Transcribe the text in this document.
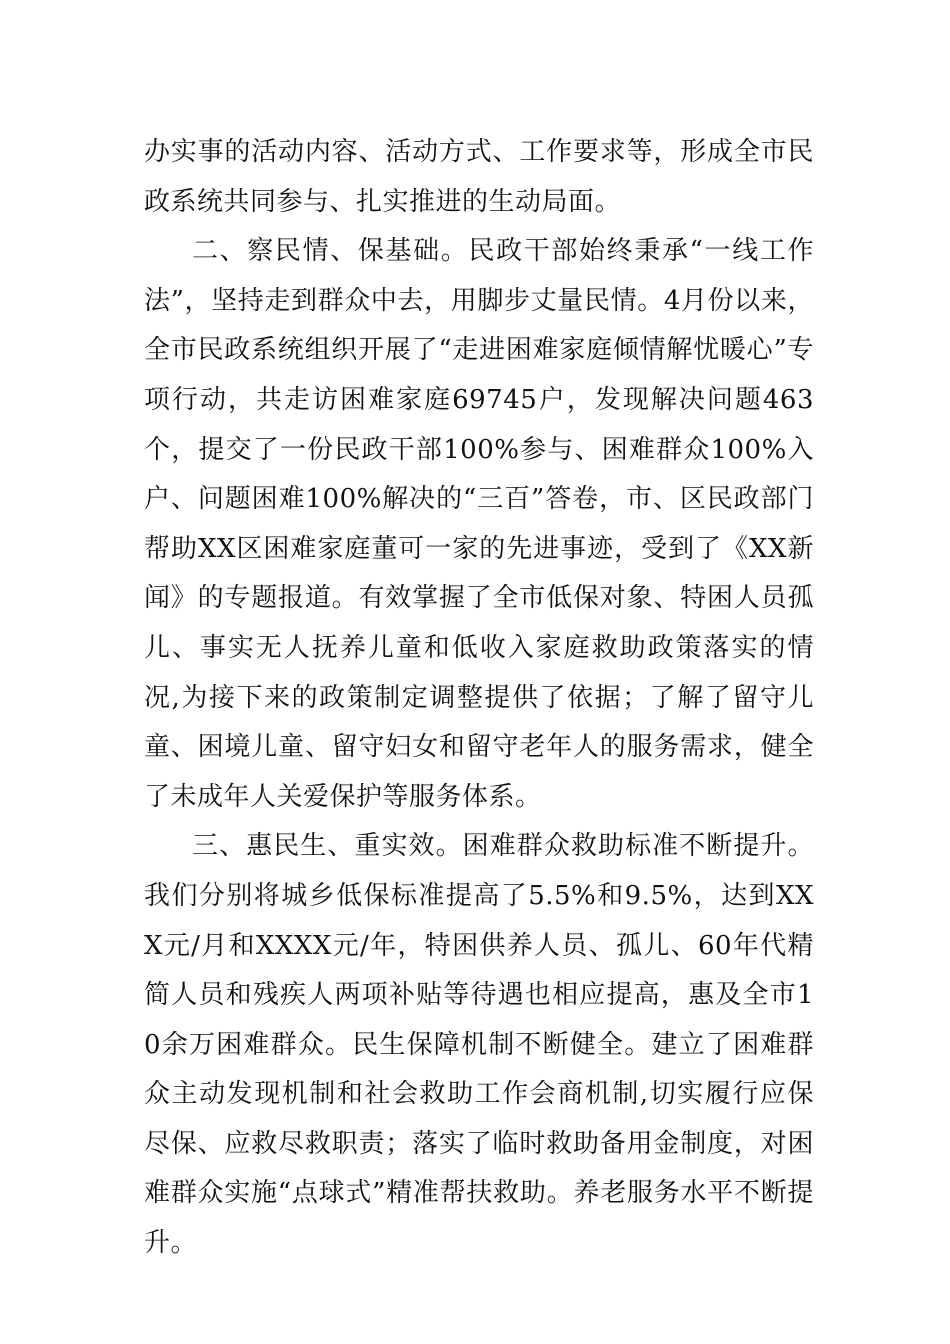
办实事的活动内容、活动方式、工作要求等，形成全市民政系统共同参与、扎实推进的生动局面。

二、察民情、保基础。民政干部始终秉承“一线工作法”，坚持走到群众中去，用脚步丈量民情。4月份以来，全市民政系统组织开展了“走进困难家庭倾情解忧暖心”专项行动，共走访困难家庭69745户，发现解决问题463个，提交了一份民政干部100%参与、困难群众100%入户、问题困难100%解决的“三百”答卷，市、区民政部门帮助XX区困难家庭董可一家的先进事迹，受到了《XX新闻》的专题报道。有效掌握了全市低保对象、特困人员孤儿、事实无人抚养儿童和低收入家庭救助政策落实的情况,为接下来的政策制定调整提供了依据；了解了留守儿童、困境儿童、留守妇女和留守老年人的服务需求，健全了未成年人关爱保护等服务体系。

三、惠民生、重实效。困难群众救助标准不断提升。我们分别将城乡低保标准提高了5.5%和9.5%，达到XXX元/月和XXXX元/年，特困供养人员、孤儿、60年代精简人员和残疾人两项补贴等待遇也相应提高，惠及全市10余万困难群众。民生保障机制不断健全。建立了困难群众主动发现机制和社会救助工作会商机制,切实履行应保尽保、应救尽救职责；落实了临时救助备用金制度，对困难群众实施“点球式”精准帮扶救助。养老服务水平不断提升。
